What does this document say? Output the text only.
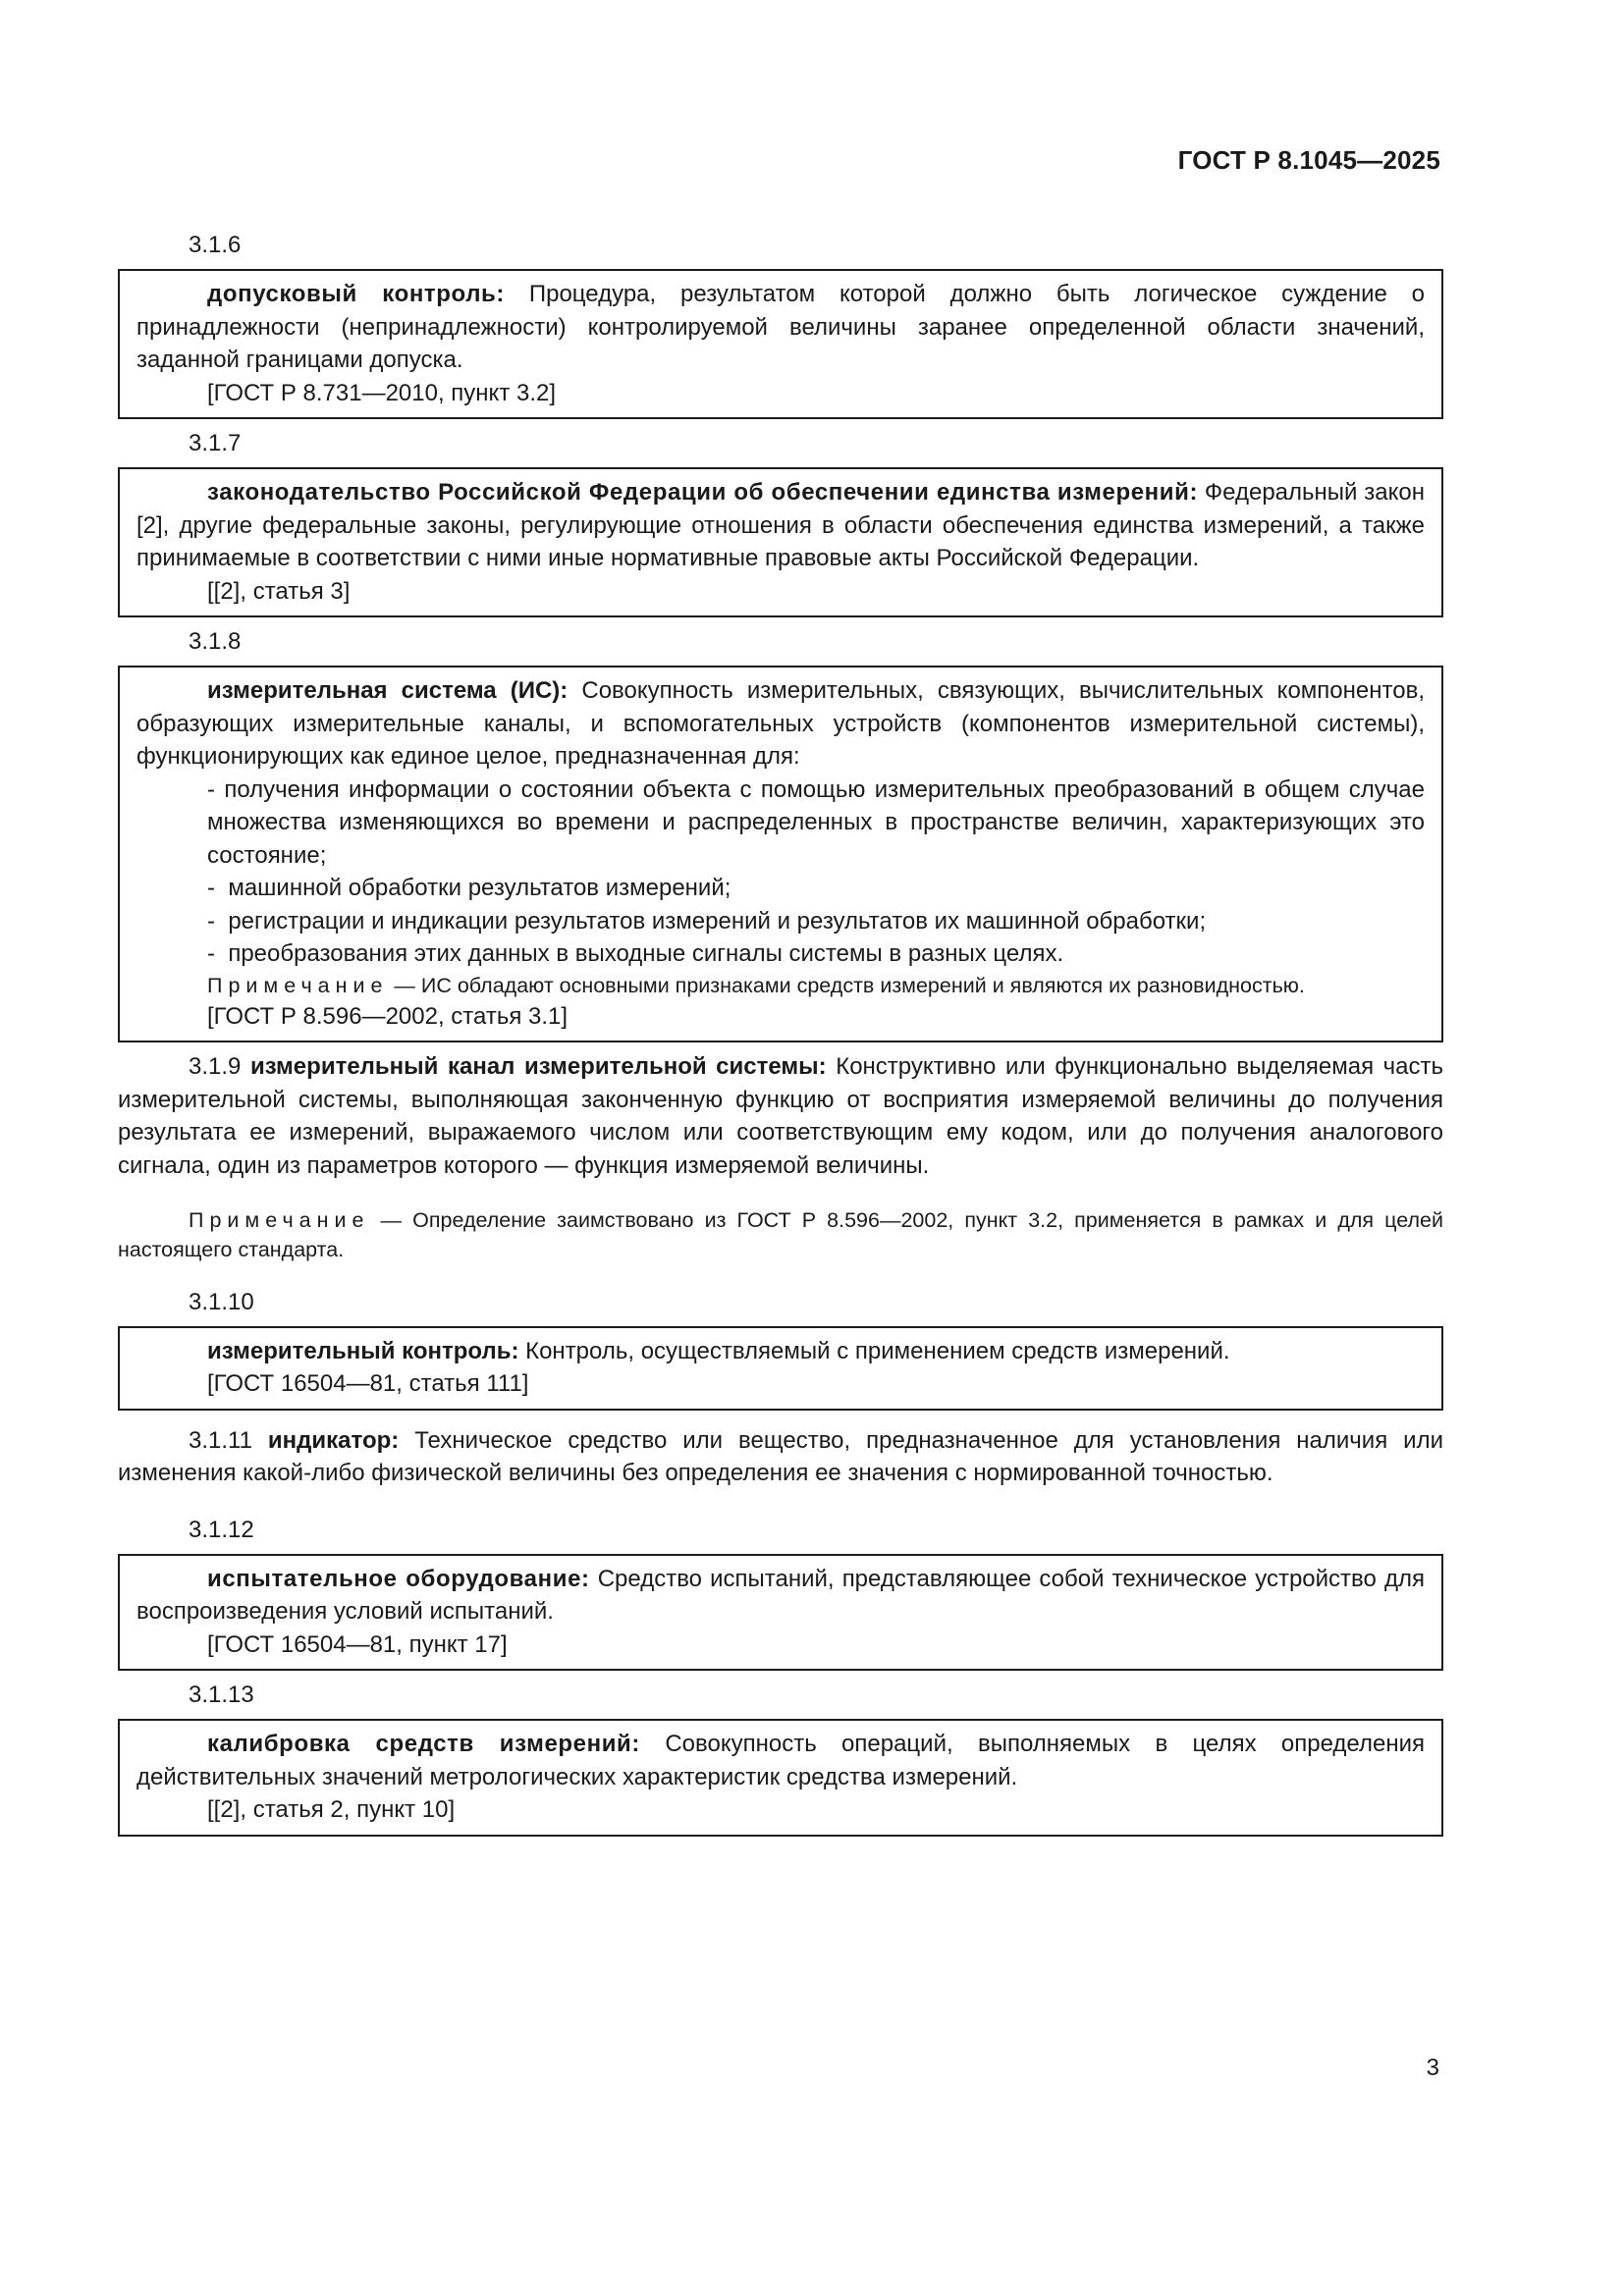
ГОСТ Р 8.1045—2025
3.1.6

допусковый контроль: Процедура, результатом которой должно быть логическое суждение о принадлежности (непринадлежности) контролируемой величины заранее определенной области значений, заданной границами допуска.

[ГОСТ Р 8.731—2010, пункт 3.2]

3.1.7

законодательство Российской Федерации об обеспечении единства измерений: Федеральный закон [2], другие федеральные законы, регулирующие отношения в области обеспечения единства измерений, а также принимаемые в соответствии с ними иные нормативные правовые акты Российской Федерации.

[[2], статья 3]

3.1.8

измерительная система (ИС): Совокупность измерительных, связующих, вычислительных компонентов, образующих измерительные каналы, и вспомогательных устройств (компонентов измерительной системы), функционирующих как единое целое, предназначенная для:

- получения информации о состоянии объекта с помощью измерительных преобразований в общем случае множества изменяющихся во времени и распределенных в пространстве величин, характеризующих это состояние;

-  машинной обработки результатов измерений;

-  регистрации и индикации результатов измерений и результатов их машинной обработки;

-  преобразования этих данных в выходные сигналы системы в разных целях.

Примечание — ИС обладают основными признаками средств измерений и являются их разновидностью.

[ГОСТ Р 8.596—2002, статья 3.1]

3.1.9 измерительный канал измерительной системы: Конструктивно или функционально выделяемая часть измерительной системы, выполняющая законченную функцию от восприятия измеряемой величины до получения результата ее измерений, выражаемого числом или соответствующим ему кодом, или до получения аналогового сигнала, один из параметров которого — функция измеряемой величины.

Примечание — Определение заимствовано из ГОСТ Р 8.596—2002, пункт 3.2, применяется в рамках и для целей настоящего стандарта.

3.1.10

измерительный контроль: Контроль, осуществляемый с применением средств измерений.

[ГОСТ 16504—81, статья 111]

3.1.11 индикатор: Техническое средство или вещество, предназначенное для установления наличия или изменения какой-либо физической величины без определения ее значения с нормированной точностью.

3.1.12

испытательное оборудование: Средство испытаний, представляющее собой техническое устройство для воспроизведения условий испытаний.

[ГОСТ 16504—81, пункт 17]

3.1.13

калибровка средств измерений: Совокупность операций, выполняемых в целях определения действительных значений метрологических характеристик средства измерений.

[[2], статья 2, пункт 10]

3
